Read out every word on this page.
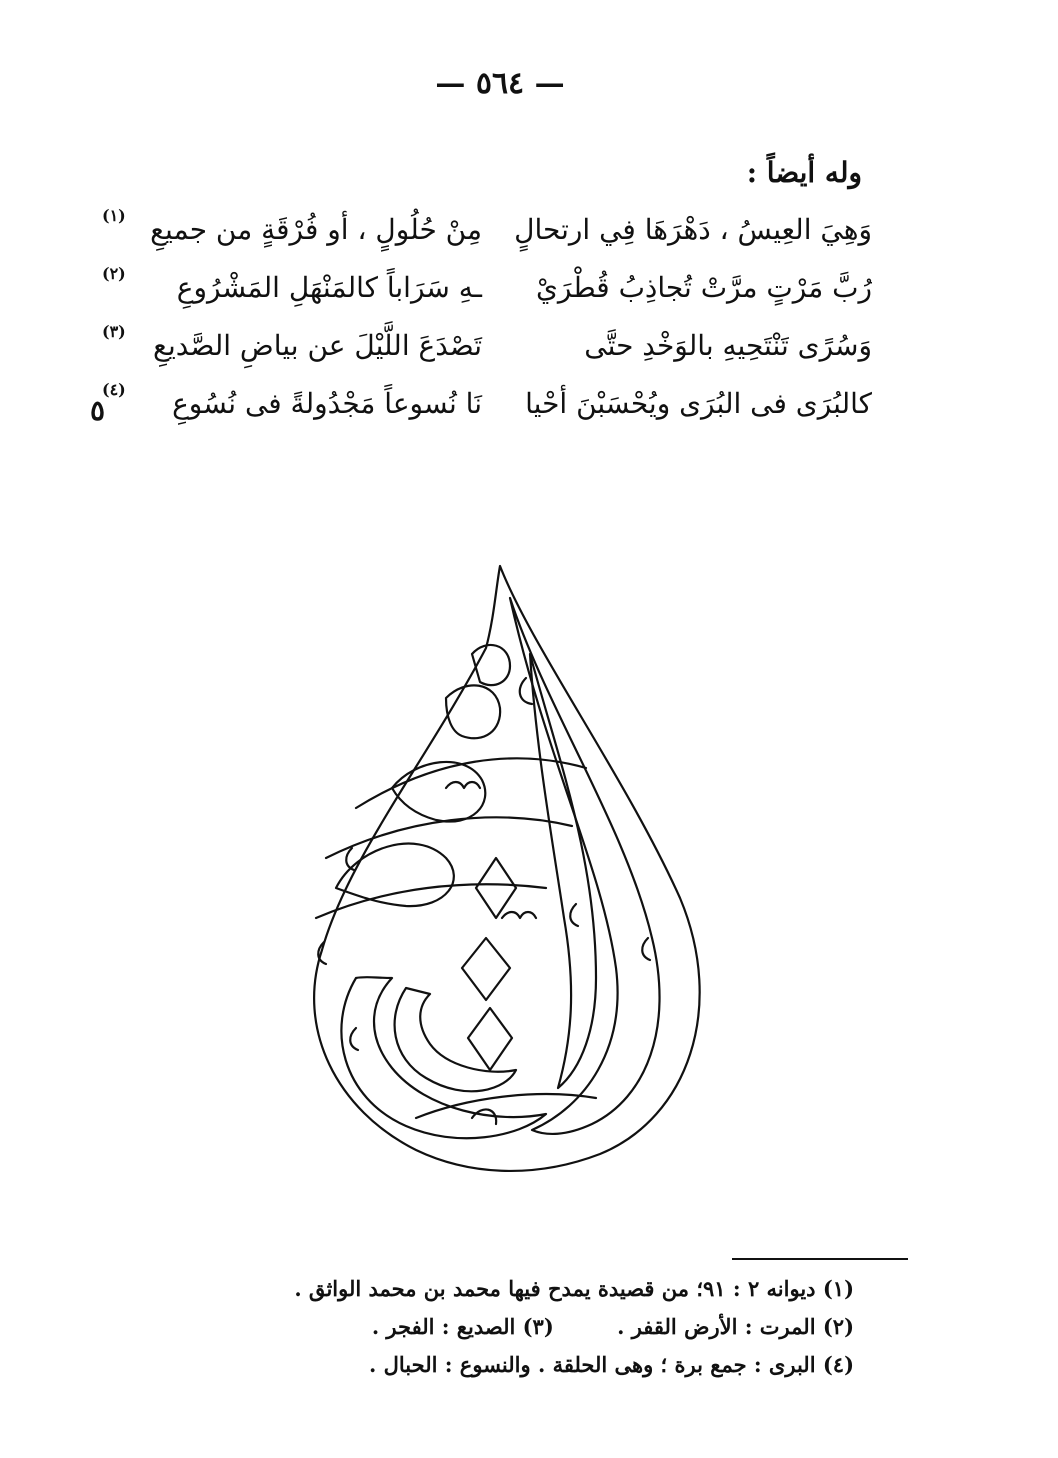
— ٥٦٤ —
وله أيضاً :
وَهِيَ العِيسُ ، دَهْرَهَا فِي ارتحالٍ
مِنْ حُلُولٍ ، أو فُرْقَةٍ من جميعِ
(١)
رُبَّ مَرْتٍ مرَّتْ تُجاذِبُ قُطْرَيْ
ـهِ سَرَاباً كالمَنْهَلِ المَشْرُوعِ
(٢)
وَسُرًى تَنْتَحِيهِ بالوَخْدِ حتَّى
تَصْدَعَ اللَّيْلَ عن بياضِ الصَّديعِ
(٣)
كالبُرَى فى البُرَى ويُحْسَبْنَ أحْيا
نَا نُسوعاً مَجْدُولةً فى نُسُوعِ
(٤)
٥
(١) ديوانه ٢ : ٩١؛ من قصيدة يمدح فيها محمد بن محمد الواثق .
(٢) المرت : الأرض القفر . (٣) الصديع : الفجر .
(٤) البرى : جمع برة ؛ وهى الحلقة . والنسوع : الحبال .
